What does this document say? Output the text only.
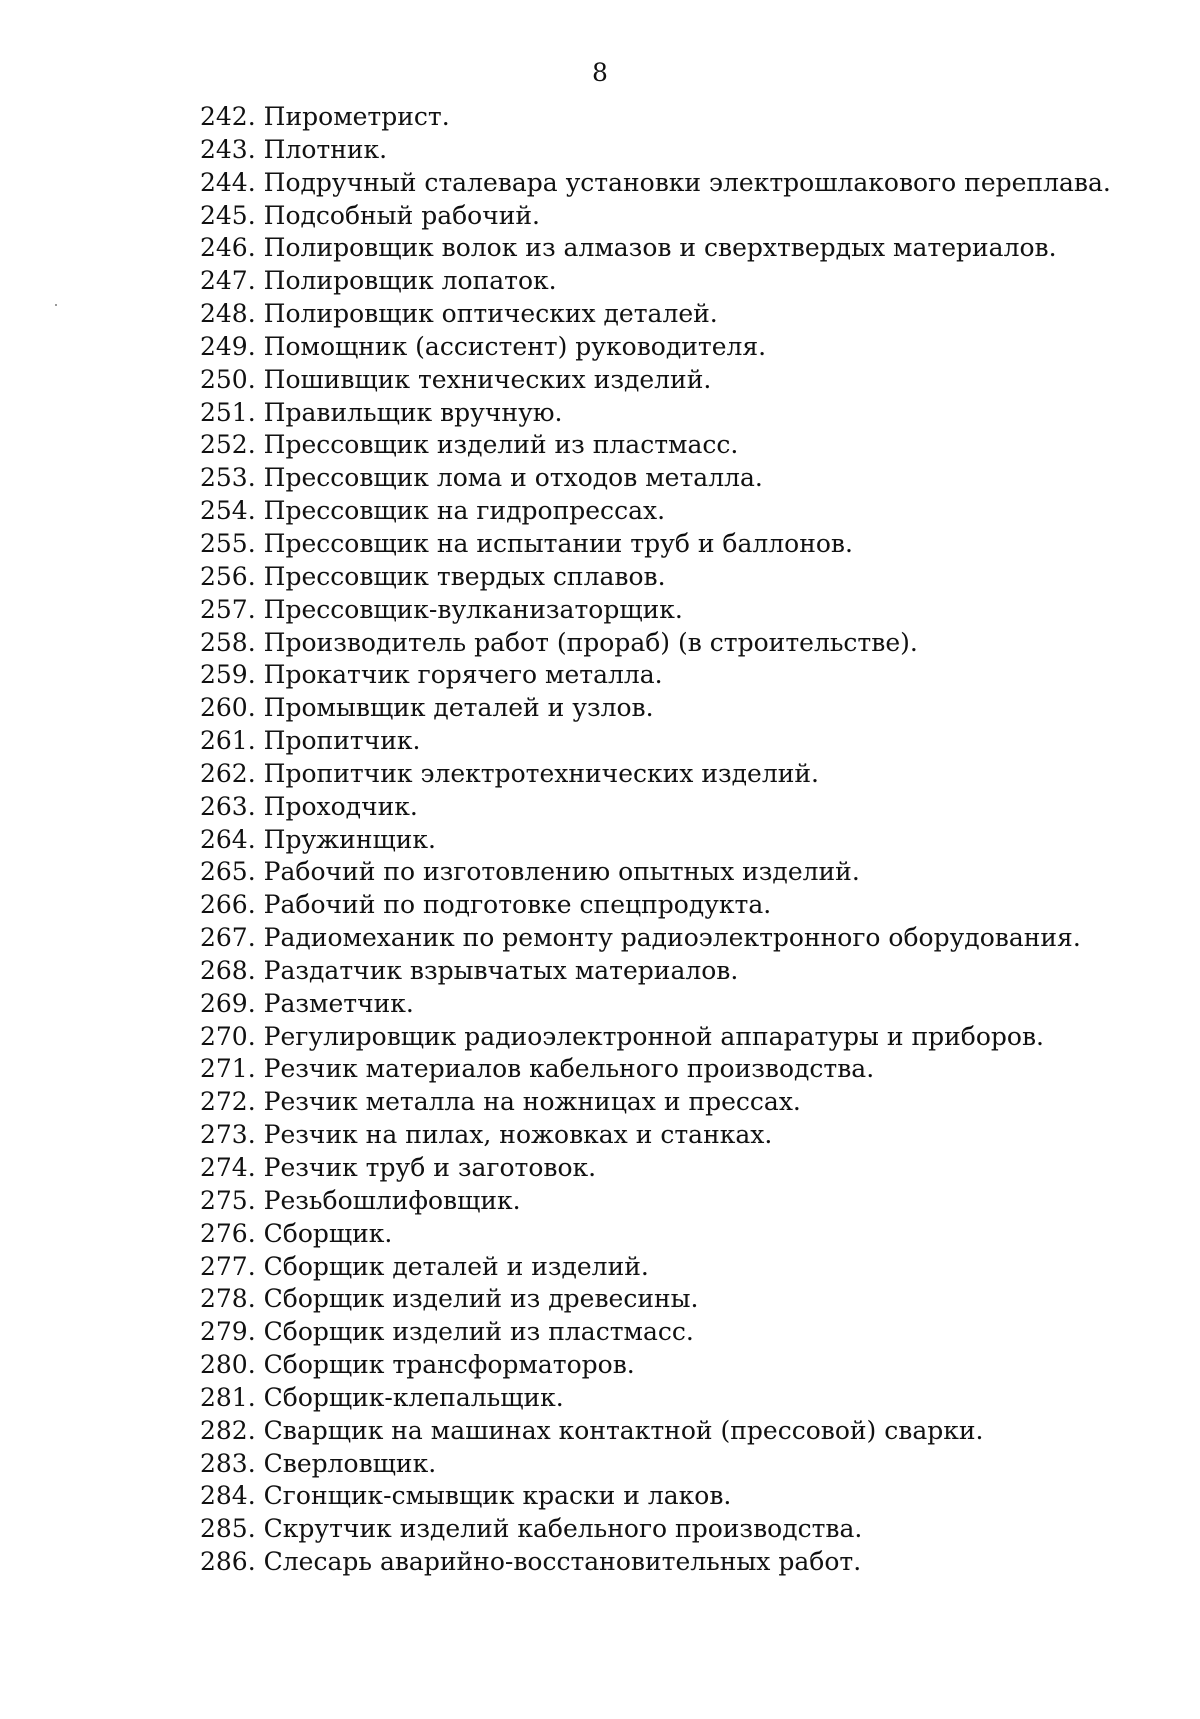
8
242. Пирометрист.
243. Плотник.
244. Подручный сталевара установки электрошлакового переплава.
245. Подсобный рабочий.
246. Полировщик волок из алмазов и сверхтвердых материалов.
247. Полировщик лопаток.
248. Полировщик оптических деталей.
249. Помощник (ассистент) руководителя.
250. Пошивщик технических изделий.
251. Правильщик вручную.
252. Прессовщик изделий из пластмасс.
253. Прессовщик лома и отходов металла.
254. Прессовщик на гидропрессах.
255. Прессовщик на испытании труб и баллонов.
256. Прессовщик твердых сплавов.
257. Прессовщик-вулканизаторщик.
258. Производитель работ (прораб) (в строительстве).
259. Прокатчик горячего металла.
260. Промывщик деталей и узлов.
261. Пропитчик.
262. Пропитчик электротехнических изделий.
263. Проходчик.
264. Пружинщик.
265. Рабочий по изготовлению опытных изделий.
266. Рабочий по подготовке спецпродукта.
267. Радиомеханик по ремонту радиоэлектронного оборудования.
268. Раздатчик взрывчатых материалов.
269. Разметчик.
270. Регулировщик радиоэлектронной аппаратуры и приборов.
271. Резчик материалов кабельного производства.
272. Резчик металла на ножницах и прессах.
273. Резчик на пилах, ножовках и станках.
274. Резчик труб и заготовок.
275. Резьбошлифовщик.
276. Сборщик.
277. Сборщик деталей и изделий.
278. Сборщик изделий из древесины.
279. Сборщик изделий из пластмасс.
280. Сборщик трансформаторов.
281. Сборщик-клепальщик.
282. Сварщик на машинах контактной (прессовой) сварки.
283. Сверловщик.
284. Сгонщик-смывщик краски и лаков.
285. Скрутчик изделий кабельного производства.
286. Слесарь аварийно-восстановительных работ.
